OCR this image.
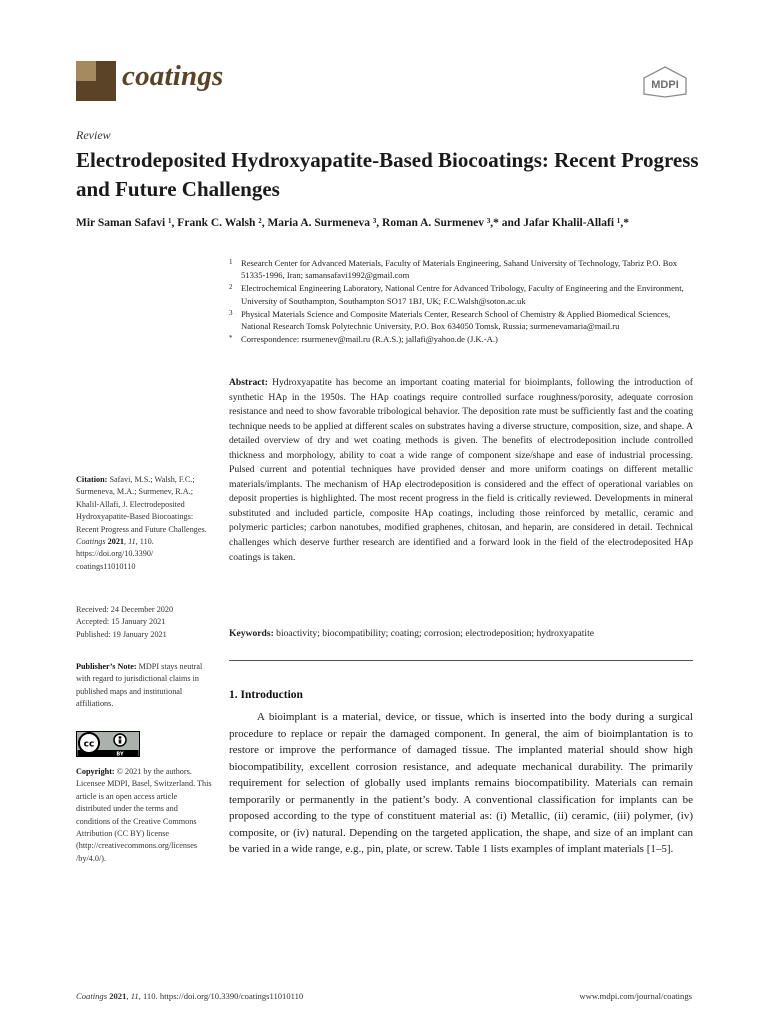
coatings	MDPI
Review
Electrodeposited Hydroxyapatite-Based Biocoatings: Recent Progress and Future Challenges
Mir Saman Safavi ¹, Frank C. Walsh ², Maria A. Surmeneva ³, Roman A. Surmenev ³,* and Jafar Khalil-Allafi ¹,*
1 Research Center for Advanced Materials, Faculty of Materials Engineering, Sahand University of Technology, Tabriz P.O. Box 51335-1996, Iran; samansafavi1992@gmail.com
2 Electrochemical Engineering Laboratory, National Centre for Advanced Tribology, Faculty of Engineering and the Environment, University of Southampton, Southampton SO17 1BJ, UK; F.C.Walsh@soton.ac.uk
3 Physical Materials Science and Composite Materials Center, Research School of Chemistry & Applied Biomedical Sciences, National Research Tomsk Polytechnic University, P.O. Box 634050 Tomsk, Russia; surmenevamaria@mail.ru
* Correspondence: rsurmenev@mail.ru (R.A.S.); jallafi@yahoo.de (J.K.-A.)
Citation: Safavi, M.S.; Walsh, F.C.; Surmeneva, M.A.; Surmenev, R.A.; Khalil-Allafi, J. Electrodeposited Hydroxyapatite-Based Biocoatings: Recent Progress and Future Challenges. Coatings 2021, 11, 110. https://doi.org/10.3390/ coatings11010110
Received: 24 December 2020
Accepted: 15 January 2021
Published: 19 January 2021
Publisher’s Note: MDPI stays neutral with regard to jurisdictional claims in published maps and institutional affiliations.
cc
BY
Copyright: © 2021 by the authors. Licensee MDPI, Basel, Switzerland. This article is an open access article distributed under the terms and conditions of the Creative Commons Attribution (CC BY) license (http://creativecommons.org/licenses /by/4.0/).
Abstract: Hydroxyapatite has become an important coating material for bioimplants, following the introduction of synthetic HAp in the 1950s. The HAp coatings require controlled surface roughness/porosity, adequate corrosion resistance and need to show favorable tribological behavior. The deposition rate must be sufficiently fast and the coating technique needs to be applied at different scales on substrates having a diverse structure, composition, size, and shape. A detailed overview of dry and wet coating methods is given. The benefits of electrodeposition include controlled thickness and morphology, ability to coat a wide range of component size/shape and ease of industrial processing. Pulsed current and potential techniques have provided denser and more uniform coatings on different metallic materials/implants. The mechanism of HAp electrodeposition is considered and the effect of operational variables on deposit properties is highlighted. The most recent progress in the field is critically reviewed. Developments in mineral substituted and included particle, composite HAp coatings, including those reinforced by metallic, ceramic and polymeric particles; carbon nanotubes, modified graphenes, chitosan, and heparin, are considered in detail. Technical challenges which deserve further research are identified and a forward look in the field of the electrodeposited HAp coatings is taken.
Keywords: bioactivity; biocompatibility; coating; corrosion; electrodeposition; hydroxyapatite
1. Introduction
A bioimplant is a material, device, or tissue, which is inserted into the body during a surgical procedure to replace or repair the damaged component. In general, the aim of bioimplantation is to restore or improve the performance of damaged tissue. The implanted material should show high biocompatibility, excellent corrosion resistance, and adequate mechanical durability. The primarily requirement for selection of globally used implants remains biocompatibility. Materials can remain temporarily or permanently in the patient’s body. A conventional classification for implants can be proposed according to the type of constituent material as: (i) Metallic, (ii) ceramic, (iii) polymer, (iv) composite, or (iv) natural. Depending on the targeted application, the shape, and size of an implant can be varied in a wide range, e.g., pin, plate, or screw. Table 1 lists examples of implant materials [1–5].
Coatings 2021, 11, 110. https://doi.org/10.3390/coatings11010110	www.mdpi.com/journal/coatings
